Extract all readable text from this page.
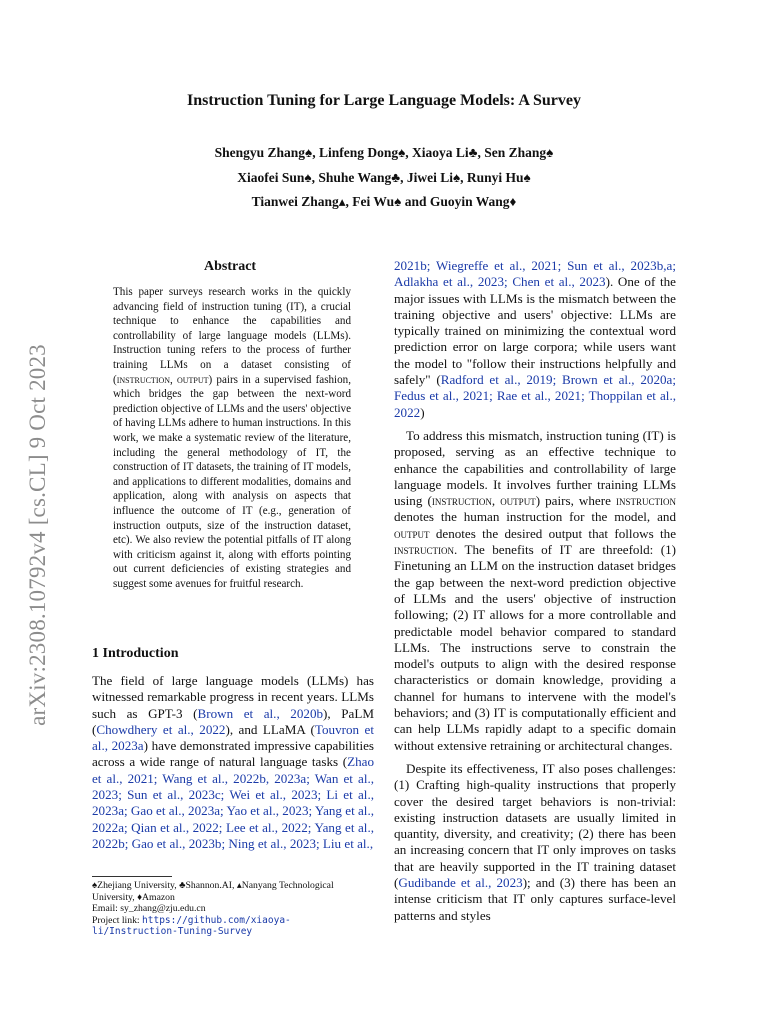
arXiv:2308.10792v4 [cs.CL] 9 Oct 2023
Instruction Tuning for Large Language Models: A Survey
Shengyu Zhang♠, Linfeng Dong♠, Xiaoya Li♣, Sen Zhang♠
Xiaofei Sun♠, Shuhe Wang♣, Jiwei Li♠, Runyi Hu♠
Tianwei Zhang▴, Fei Wu♠ and Guoyin Wang♦
Abstract
This paper surveys research works in the quickly advancing field of instruction tuning (IT), a crucial technique to enhance the capabilities and controllability of large language models (LLMs). Instruction tuning refers to the process of further training LLMs on a dataset consisting of (instruction, output) pairs in a supervised fashion, which bridges the gap between the next-word prediction objective of LLMs and the users' objective of having LLMs adhere to human instructions. In this work, we make a systematic review of the literature, including the general methodology of IT, the construction of IT datasets, the training of IT models, and applications to different modalities, domains and application, along with analysis on aspects that influence the outcome of IT (e.g., generation of instruction outputs, size of the instruction dataset, etc). We also review the potential pitfalls of IT along with criticism against it, along with efforts pointing out current deficiencies of existing strategies and suggest some avenues for fruitful research.
1 Introduction
The field of large language models (LLMs) has witnessed remarkable progress in recent years. LLMs such as GPT-3 (Brown et al., 2020b), PaLM (Chowdhery et al., 2022), and LLaMA (Touvron et al., 2023a) have demonstrated impressive capabilities across a wide range of natural language tasks (Zhao et al., 2021; Wang et al., 2022b, 2023a; Wan et al., 2023; Sun et al., 2023c; Wei et al., 2023; Li et al., 2023a; Gao et al., 2023a; Yao et al., 2023; Yang et al., 2022a; Qian et al., 2022; Lee et al., 2022; Yang et al., 2022b; Gao et al., 2023b; Ning et al., 2023; Liu et al.,

2021b; Wiegreffe et al., 2021; Sun et al., 2023b,a; Adlakha et al., 2023; Chen et al., 2023). One of the major issues with LLMs is the mismatch between the training objective and users' objective: LLMs are typically trained on minimizing the contextual word prediction error on large corpora; while users want the model to "follow their instructions helpfully and safely" (Radford et al., 2019; Brown et al., 2020a; Fedus et al., 2021; Rae et al., 2021; Thoppilan et al., 2022)

To address this mismatch, instruction tuning (IT) is proposed, serving as an effective technique to enhance the capabilities and controllability of large language models. It involves further training LLMs using (instruction, output) pairs, where instruction denotes the human instruction for the model, and output denotes the desired output that follows the instruction. The benefits of IT are threefold: (1) Finetuning an LLM on the instruction dataset bridges the gap between the next-word prediction objective of LLMs and the users' objective of instruction following; (2) IT allows for a more controllable and predictable model behavior compared to standard LLMs. The instructions serve to constrain the model's outputs to align with the desired response characteristics or domain knowledge, providing a channel for humans to intervene with the model's behaviors; and (3) IT is computationally efficient and can help LLMs rapidly adapt to a specific domain without extensive retraining or architectural changes.

Despite its effectiveness, IT also poses challenges: (1) Crafting high-quality instructions that properly cover the desired target behaviors is non-trivial: existing instruction datasets are usually limited in quantity, diversity, and creativity; (2) there has been an increasing concern that IT only improves on tasks that are heavily supported in the IT training dataset (Gudibande et al., 2023); and (3) there has been an intense criticism that IT only captures surface-level patterns and styles

♠Zhejiang University, ♣Shannon.AI, ▴Nanyang Technological University, ♦Amazon
Email: sy_zhang@zju.edu.cn
Project link: https://github.com/xiaoya-li/Instruction-Tuning-Survey
